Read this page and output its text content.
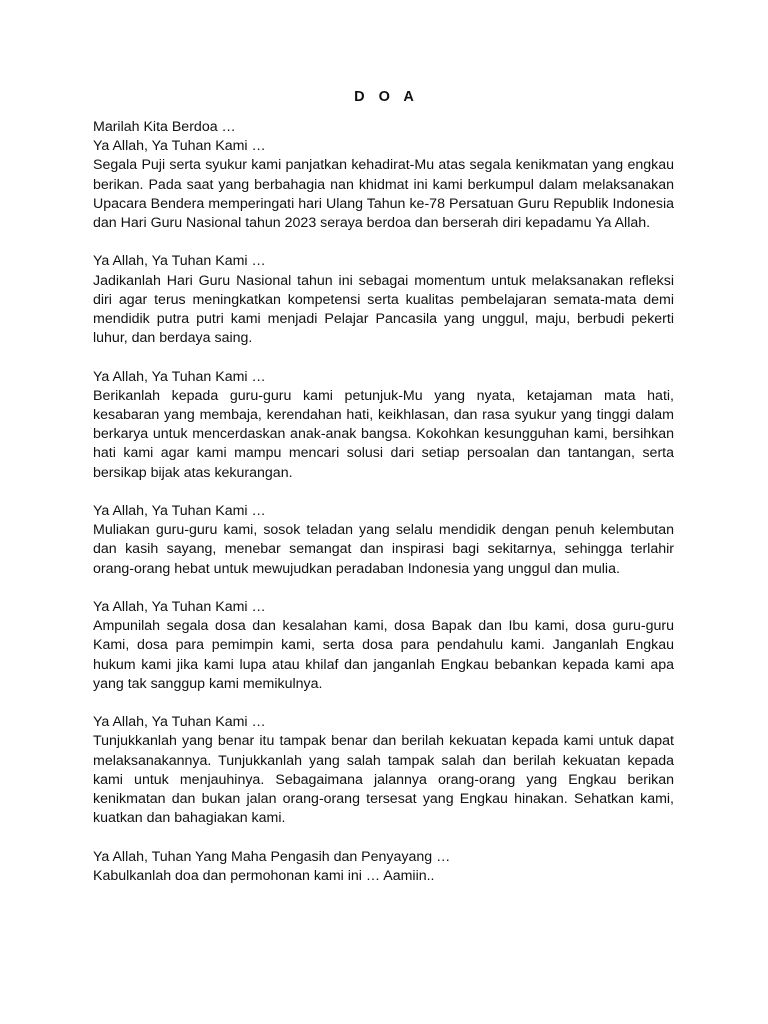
D O A
Marilah Kita Berdoa …
Ya Allah, Ya Tuhan Kami …
Segala Puji serta syukur kami panjatkan kehadirat-Mu atas segala kenikmatan yang engkau berikan. Pada saat yang berbahagia nan khidmat ini kami berkumpul dalam melaksanakan Upacara Bendera memperingati hari Ulang Tahun ke-78 Persatuan Guru Republik Indonesia dan Hari Guru Nasional tahun 2023 seraya berdoa dan berserah diri kepadamu Ya Allah.
Ya Allah, Ya Tuhan Kami …
Jadikanlah Hari Guru Nasional tahun ini sebagai momentum untuk melaksanakan refleksi diri agar terus meningkatkan kompetensi serta kualitas pembelajaran semata-mata demi mendidik putra putri kami menjadi Pelajar Pancasila yang unggul, maju, berbudi pekerti luhur, dan berdaya saing.
Ya Allah, Ya Tuhan Kami …
Berikanlah kepada guru-guru kami petunjuk-Mu yang nyata, ketajaman mata hati, kesabaran yang membaja, kerendahan hati, keikhlasan, dan rasa syukur yang tinggi dalam berkarya untuk mencerdaskan anak-anak bangsa. Kokohkan kesungguhan kami, bersihkan hati kami agar kami mampu mencari solusi dari setiap persoalan dan tantangan, serta bersikap bijak atas kekurangan.
Ya Allah, Ya Tuhan Kami …
Muliakan guru-guru kami, sosok teladan yang selalu mendidik dengan penuh kelembutan dan kasih sayang, menebar semangat dan inspirasi bagi sekitarnya, sehingga terlahir orang-orang hebat untuk mewujudkan peradaban Indonesia yang unggul dan mulia.
Ya Allah, Ya Tuhan Kami …
Ampunilah segala dosa dan kesalahan kami, dosa Bapak dan Ibu kami, dosa guru-guru Kami, dosa para pemimpin kami, serta dosa para pendahulu kami. Janganlah Engkau hukum kami jika kami lupa atau khilaf dan janganlah Engkau bebankan kepada kami apa yang tak sanggup kami memikulnya.
Ya Allah, Ya Tuhan Kami …
Tunjukkanlah yang benar itu tampak benar dan berilah kekuatan kepada kami untuk dapat melaksanakannya. Tunjukkanlah yang salah tampak salah dan berilah kekuatan kepada kami untuk menjauhinya. Sebagaimana jalannya orang-orang yang Engkau berikan kenikmatan dan bukan jalan orang-orang tersesat yang Engkau hinakan. Sehatkan kami, kuatkan dan bahagiakan kami.
Ya Allah, Tuhan Yang Maha Pengasih dan Penyayang …
Kabulkanlah doa dan permohonan kami ini … Aamiin..
